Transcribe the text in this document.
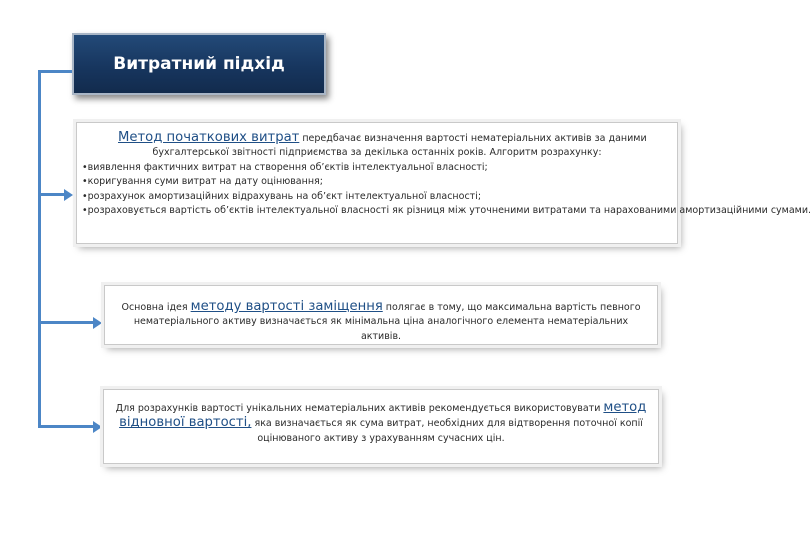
Витратний підхід

Метод початкових витрат передбачає визначення вартості нематеріальних активів за даними

бухгалтерської звітності підприємства за декілька останніх років. Алгоритм розрахунку:

•виявлення фактичних витрат на створення об’єктів інтелектуальної власності;
•коригування суми витрат на дату оцінювання;
•розрахунок амортизаційних відрахувань на об’єкт інтелектуальної власності;
•розраховується вартість об’єктів інтелектуальної власності як різниця між уточненими витратами та нарахованими амортизаційними сумами.

Основна ідея методу вартості заміщення полягає в тому, що максимальна вартість певного нематеріального активу визначається як мінімальна ціна аналогічного елемента нематеріальних активів.

Для розрахунків вартості унікальних нематеріальних активів рекомендується використовувати метод відновної вартості, яка визначається як сума витрат, необхідних для відтворення поточної копії оцінюваного активу з урахуванням сучасних цін.
